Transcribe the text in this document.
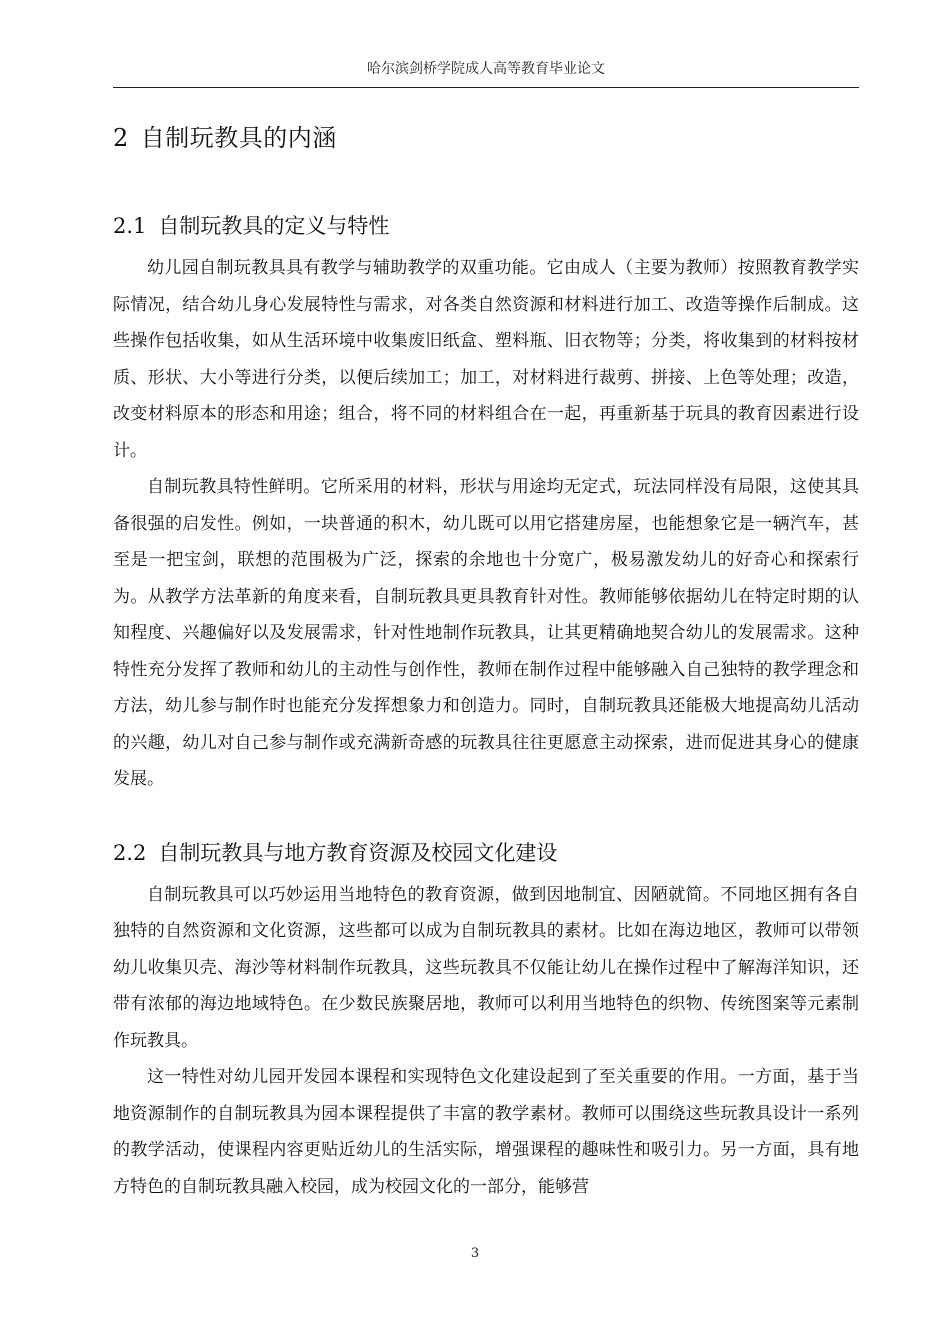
哈尔滨剑桥学院成人高等教育毕业论文
2 自制玩教具的内涵
2.1 自制玩教具的定义与特性

幼儿园自制玩教具具有教学与辅助教学的双重功能。它由成人（主要为教师）按照教育教学实际情况，结合幼儿身心发展特性与需求，对各类自然资源和材料进行加工、改造等操作后制成。这些操作包括收集，如从生活环境中收集废旧纸盒、塑料瓶、旧衣物等；分类，将收集到的材料按材质、形状、大小等进行分类，以便后续加工；加工，对材料进行裁剪、拼接、上色等处理；改造，改变材料原本的形态和用途；组合，将不同的材料组合在一起，再重新基于玩具的教育因素进行设计。

自制玩教具特性鲜明。它所采用的材料，形状与用途均无定式，玩法同样没有局限，这使其具备很强的启发性。例如，一块普通的积木，幼儿既可以用它搭建房屋，也能想象它是一辆汽车，甚至是一把宝剑，联想的范围极为广泛，探索的余地也十分宽广，极易激发幼儿的好奇心和探索行为。从教学方法革新的角度来看，自制玩教具更具教育针对性。教师能够依据幼儿在特定时期的认知程度、兴趣偏好以及发展需求，针对性地制作玩教具，让其更精确地契合幼儿的发展需求。这种特性充分发挥了教师和幼儿的主动性与创作性，教师在制作过程中能够融入自己独特的教学理念和方法，幼儿参与制作时也能充分发挥想象力和创造力。同时，自制玩教具还能极大地提高幼儿活动的兴趣，幼儿对自己参与制作或充满新奇感的玩教具往往更愿意主动探索，进而促进其身心的健康发展。

2.2 自制玩教具与地方教育资源及校园文化建设

自制玩教具可以巧妙运用当地特色的教育资源，做到因地制宜、因陋就简。不同地区拥有各自独特的自然资源和文化资源，这些都可以成为自制玩教具的素材。比如在海边地区，教师可以带领幼儿收集贝壳、海沙等材料制作玩教具，这些玩教具不仅能让幼儿在操作过程中了解海洋知识，还带有浓郁的海边地域特色。在少数民族聚居地，教师可以利用当地特色的织物、传统图案等元素制作玩教具。

这一特性对幼儿园开发园本课程和实现特色文化建设起到了至关重要的作用。一方面，基于当地资源制作的自制玩教具为园本课程提供了丰富的教学素材。教师可以围绕这些玩教具设计一系列的教学活动，使课程内容更贴近幼儿的生活实际，增强课程的趣味性和吸引力。另一方面，具有地方特色的自制玩教具融入校园，成为校园文化的一部分，能够营

3
